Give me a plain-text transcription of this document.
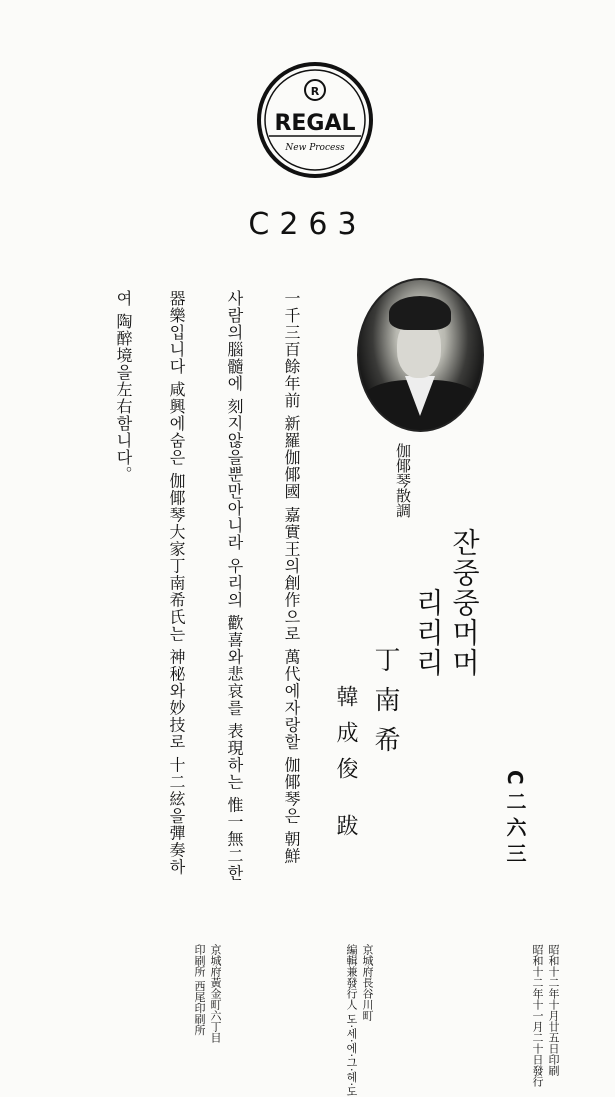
R
REGAL
New Process
C263
伽倻琴散調
잔중중머머
리리리
丁南希
韓成俊 跋	C二六三
一千三百餘年前 新羅伽倻國 嘉實王의創作으로 萬代에자랑할 伽倻琴은 朝鮮
사람의腦髓에 刻지않을뿐만아니라 우리의 歡喜와悲哀를 表現하는 惟一無二한
器樂입니다 咸興에숨은 伽倻琴大家丁南希氏는 神秘와妙技로 十二絃을彈奏하
여 陶醉境을左右함니다。
昭和十二年十月廿五日印刷
昭和十二年十一月二十日發行
京城府長谷川町
編輯兼發行人 도·세·에·그·헤·도
京城府黃金町六丁目
印刷所 西尾印刷所
